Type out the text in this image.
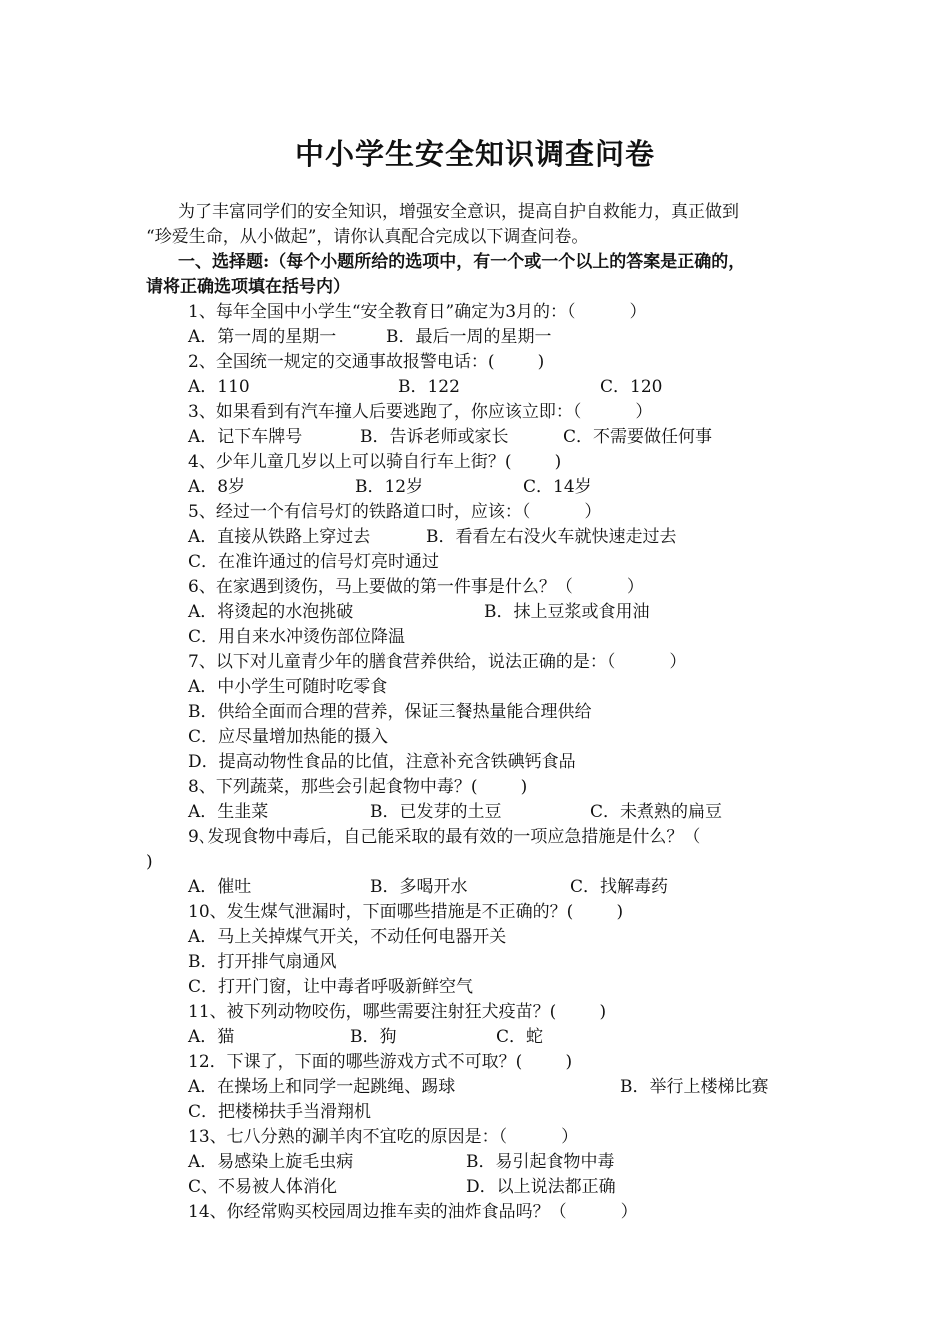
中小学生安全知识调查问卷
为了丰富同学们的安全知识，增强安全意识，提高自护自救能力，真正做到
“珍爱生命，从小做起”，请你认真配合完成以下调查问卷。
一、选择题:（每个小题所给的选项中，有一个或一个以上的答案是正确的，
请将正确选项填在括号内）
1、每年全国中小学生“安全教育日”确定为3月的：（          ）
A．第一周的星期一	B．最后一周的星期一
2、全国统一规定的交通事故报警电话：(        )
A．110	B．122	C．120
3、如果看到有汽车撞人后要逃跑了，你应该立即：（          ）
A．记下车牌号	B．告诉老师或家长	C．不需要做任何事
4、少年儿童几岁以上可以骑自行车上街？(        )
A．8岁	B．12岁	C．14岁
5、经过一个有信号灯的铁路道口时，应该：（          ）
A．直接从铁路上穿过去	B．看看左右没火车就快速走过去
C．在准许通过的信号灯亮时通过
6、在家遇到烫伤，马上要做的第一件事是什么？（          ）
A．将烫起的水泡挑破	B．抹上豆浆或食用油
C．用自来水冲烫伤部位降温
7、以下对儿童青少年的膳食营养供给，说法正确的是：（          ）
A．中小学生可随时吃零食
B．供给全面而合理的营养，保证三餐热量能合理供给
C．应尽量增加热能的摄入
D．提高动物性食品的比值，注意补充含铁碘钙食品
8、下列蔬菜，那些会引起食物中毒？(        )
A．生韭菜	B．已发芽的土豆	C．未煮熟的扁豆
9､发现食物中毒后，自己能采取的最有效的一项应急措施是什么？（
)
A．催吐	B．多喝开水	C．找解毒药
10、发生煤气泄漏时，下面哪些措施是不正确的？(        )
A．马上关掉煤气开关，不动任何电器开关
B．打开排气扇通风
C．打开门窗，让中毒者呼吸新鲜空气
11、被下列动物咬伤，哪些需要注射狂犬疫苗？(        )
A．猫	B．狗	C．蛇
12．下课了，下面的哪些游戏方式不可取？(        )
A．在操场上和同学一起跳绳、踢球	B．举行上楼梯比赛
C．把楼梯扶手当滑翔机
13、七八分熟的涮羊肉不宜吃的原因是：（          ）
A．易感染上旋毛虫病	B．易引起食物中毒
C、不易被人体消化	D．以上说法都正确
14、你经常购买校园周边推车卖的油炸食品吗？（          ）
